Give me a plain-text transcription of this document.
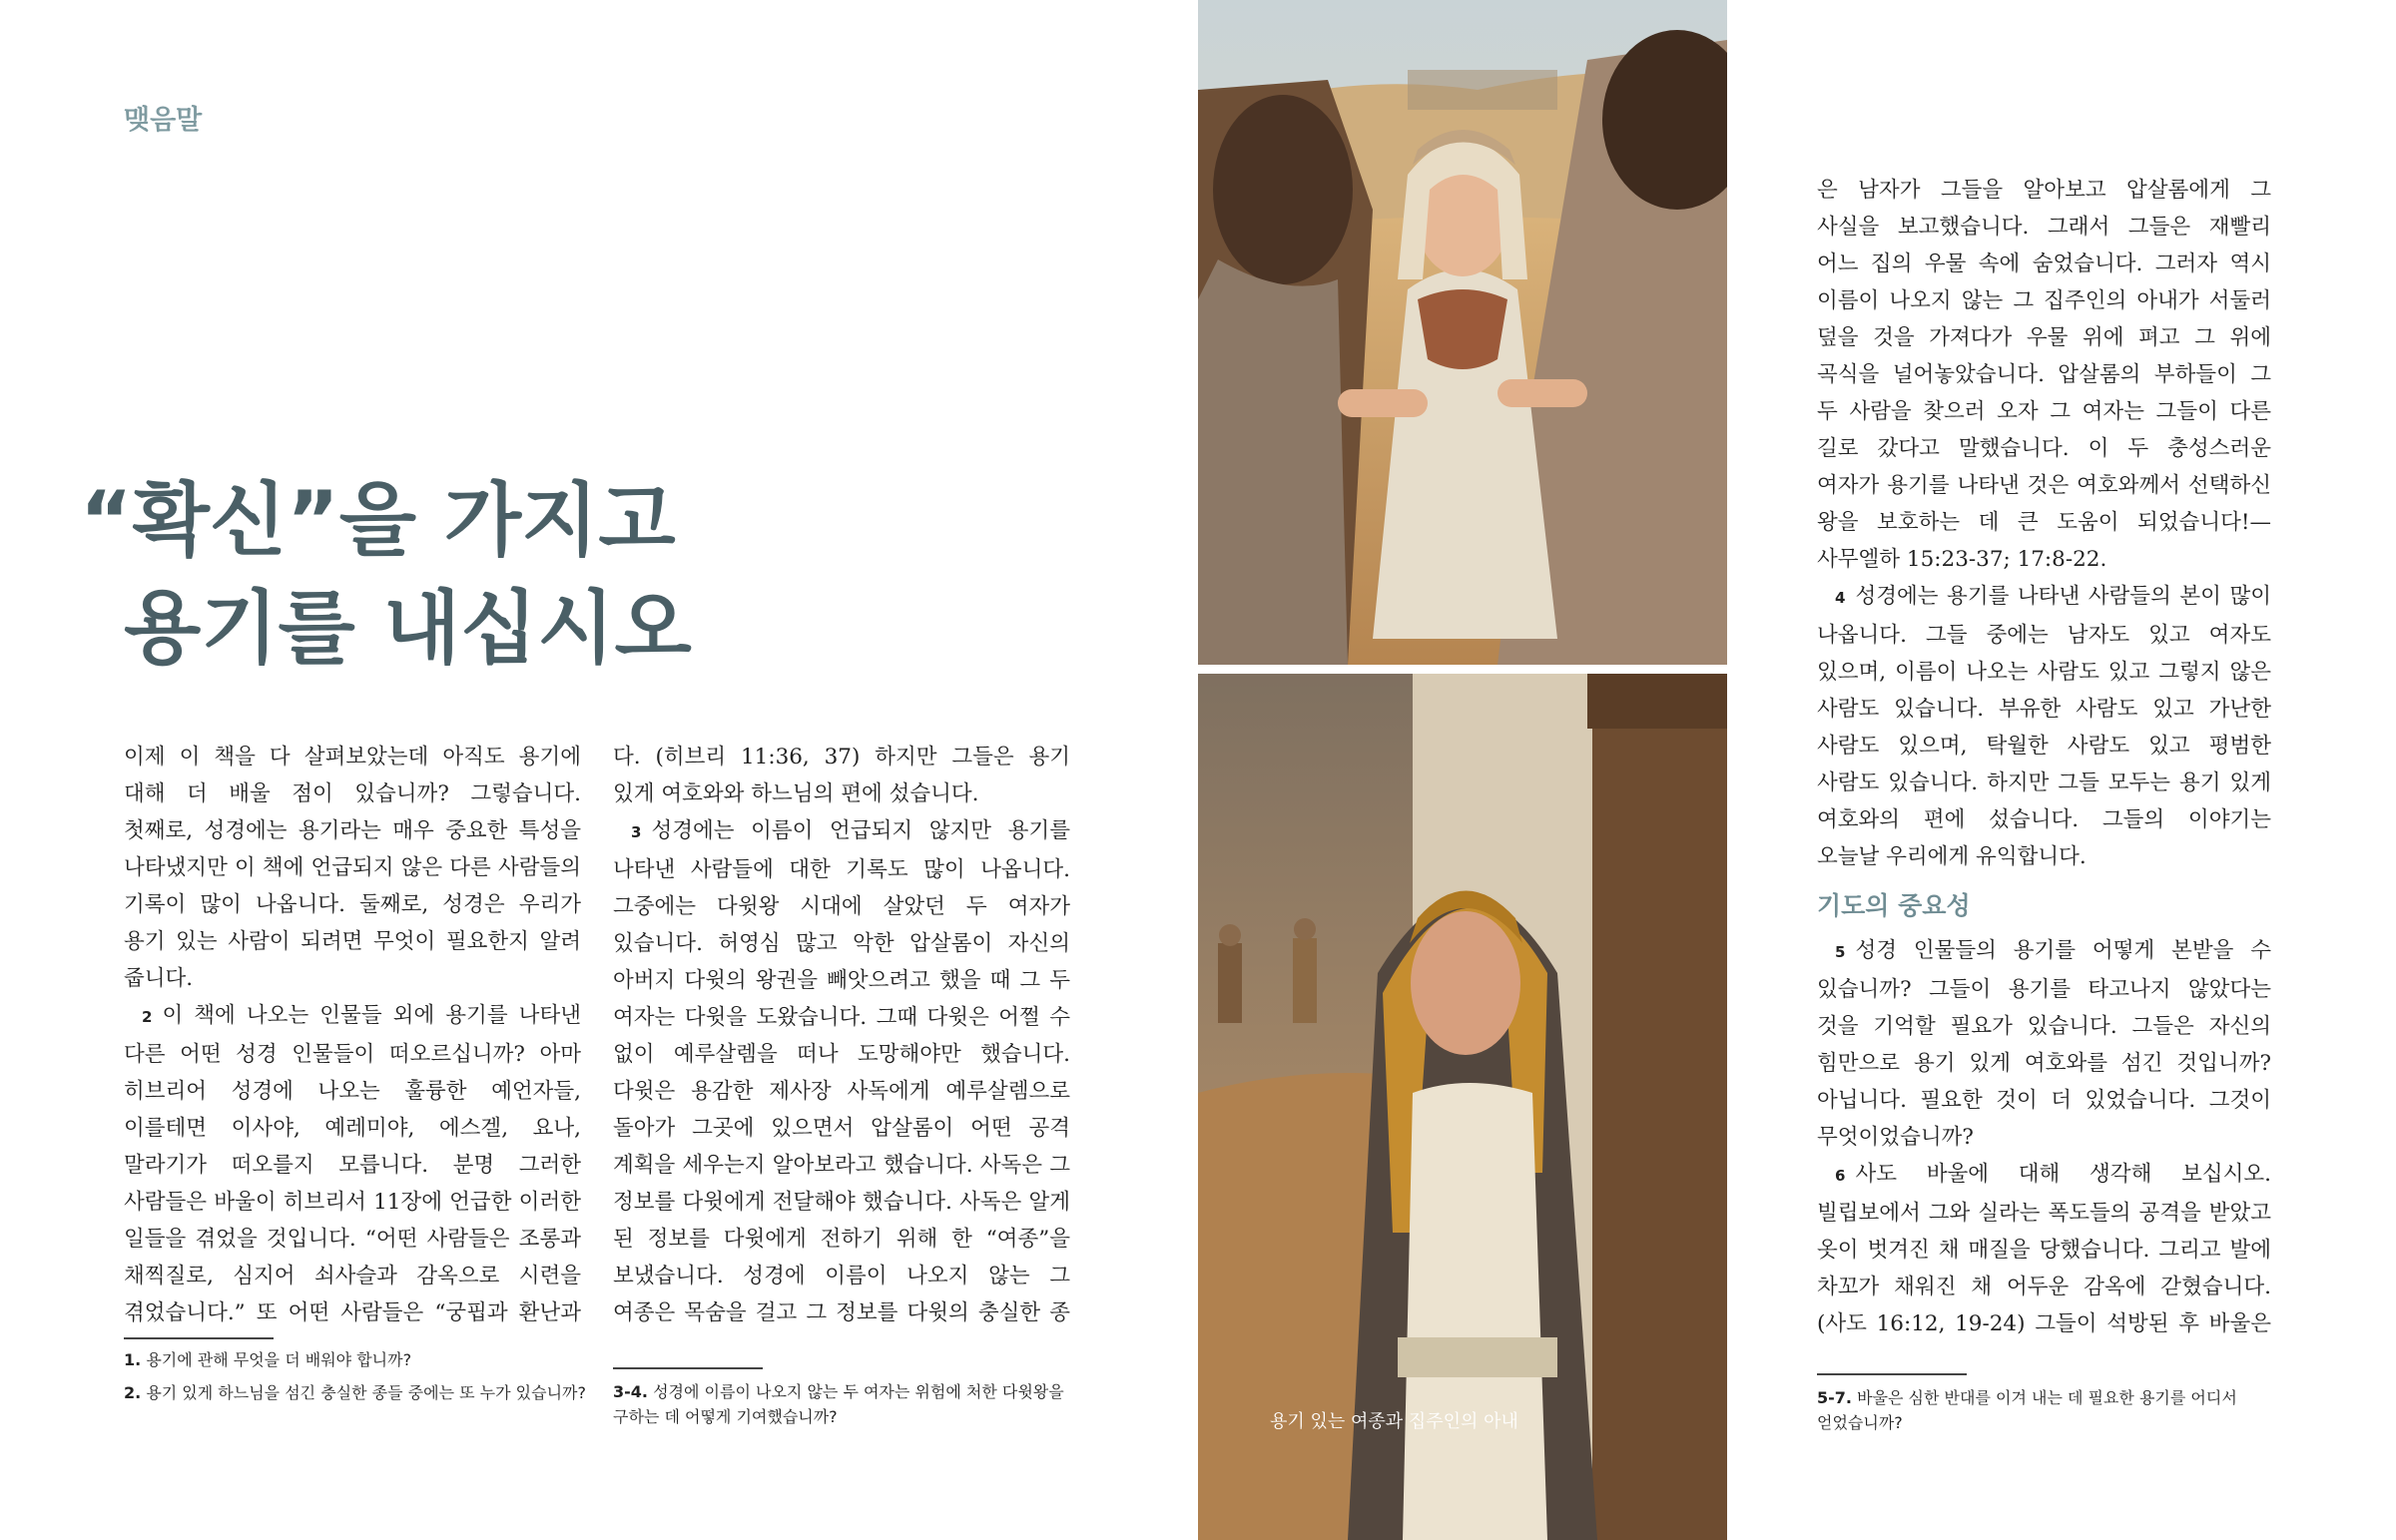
맺음말
“확신”을 가지고
용기를 내십시오

이제 이 책을 다 살펴보았는데 아직도 용기에 대해 더 배울 점이 있습니까? 그렇습니다. 첫째로, 성경에는 용기라는 매우 중요한 특성을 나타냈지만 이 책에 언급되지 않은 다른 사람들의 기록이 많이 나옵니다. 둘째로, 성경은 우리가 용기 있는 사람이 되려면 무엇이 필요한지 알려 줍니다.

2 이 책에 나오는 인물들 외에 용기를 나타낸 다른 어떤 성경 인물들이 떠오르십니까? 아마 히브리어 성경에 나오는 훌륭한 예언자들, 이를테면 이사야, 예레미야, 에스겔, 요나, 말라기가 떠오를지 모릅니다. 분명 그러한 사람들은 바울이 히브리서 11장에 언급한 이러한 일들을 겪었을 것입니다. “어떤 사람들은 조롱과 채찍질로, 심지어 쇠사슬과 감옥으로 시련을 겪었습니다.” 또 어떤 사람들은 “궁핍과 환난과

다. (히브리 11:36, 37) 하지만 그들은 용기 있게 여호와와 하느님의 편에 섰습니다.

3 성경에는 이름이 언급되지 않지만 용기를 나타낸 사람들에 대한 기록도 많이 나옵니다. 그중에는 다윗왕 시대에 살았던 두 여자가 있습니다. 허영심 많고 악한 압살롬이 자신의 아버지 다윗의 왕권을 빼앗으려고 했을 때 그 두 여자는 다윗을 도왔습니다. 그때 다윗은 어쩔 수 없이 예루살렘을 떠나 도망해야만 했습니다. 다윗은 용감한 제사장 사독에게 예루살렘으로 돌아가 그곳에 있으면서 압살롬이 어떤 공격 계획을 세우는지 알아보라고 했습니다. 사독은 그 정보를 다윗에게 전달해야 했습니다. 사독은 알게 된 정보를 다윗에게 전하기 위해 한 “여종”을 보냈습니다. 성경에 이름이 나오지 않는 그 여종은 목숨을 걸고 그 정보를 다윗의 충실한 종

1. 용기에 관해 무엇을 더 배워야 합니까?
2. 용기 있게 하느님을 섬긴 충실한 종들 중에는 또 누가 있습니까? 3-4. 성경에 이름이 나오지 않는 두 여자는 위험에 처한 다윗왕을 구하는 데 어떻게 기여했습니까?	용기 있는 여종과 집주인의 아내

은 남자가 그들을 알아보고 압살롬에게 그 사실을 보고했습니다. 그래서 그들은 재빨리 어느 집의 우물 속에 숨었습니다. 그러자 역시 이름이 나오지 않는 그 집주인의 아내가 서둘러 덮을 것을 가져다가 우물 위에 펴고 그 위에 곡식을 널어놓았습니다. 압살롬의 부하들이 그 두 사람을 찾으러 오자 그 여자는 그들이 다른 길로 갔다고 말했습니다. 이 두 충성스러운 여자가 용기를 나타낸 것은 여호와께서 선택하신 왕을 보호하는 데 큰 도움이 되었습니다!—사무엘하 15:23-37; 17:8-22.

4 성경에는 용기를 나타낸 사람들의 본이 많이 나옵니다. 그들 중에는 남자도 있고 여자도 있으며, 이름이 나오는 사람도 있고 그렇지 않은 사람도 있습니다. 부유한 사람도 있고 가난한 사람도 있으며, 탁월한 사람도 있고 평범한 사람도 있습니다. 하지만 그들 모두는 용기 있게 여호와의 편에 섰습니다. 그들의 이야기는 오늘날 우리에게 유익합니다.

기도의 중요성

5 성경 인물들의 용기를 어떻게 본받을 수 있습니까? 그들이 용기를 타고나지 않았다는 것을 기억할 필요가 있습니다. 그들은 자신의 힘만으로 용기 있게 여호와를 섬긴 것입니까? 아닙니다. 필요한 것이 더 있었습니다. 그것이 무엇이었습니까?

6 사도 바울에 대해 생각해 보십시오. 빌립보에서 그와 실라는 폭도들의 공격을 받았고 옷이 벗겨진 채 매질을 당했습니다. 그리고 발에 차꼬가 채워진 채 어두운 감옥에 갇혔습니다. (사도 16:12, 19-24) 그들이 석방된 후 바울은

5-7. 바울은 심한 반대를 이겨 내는 데 필요한 용기를 어디서 얻었습니까?
